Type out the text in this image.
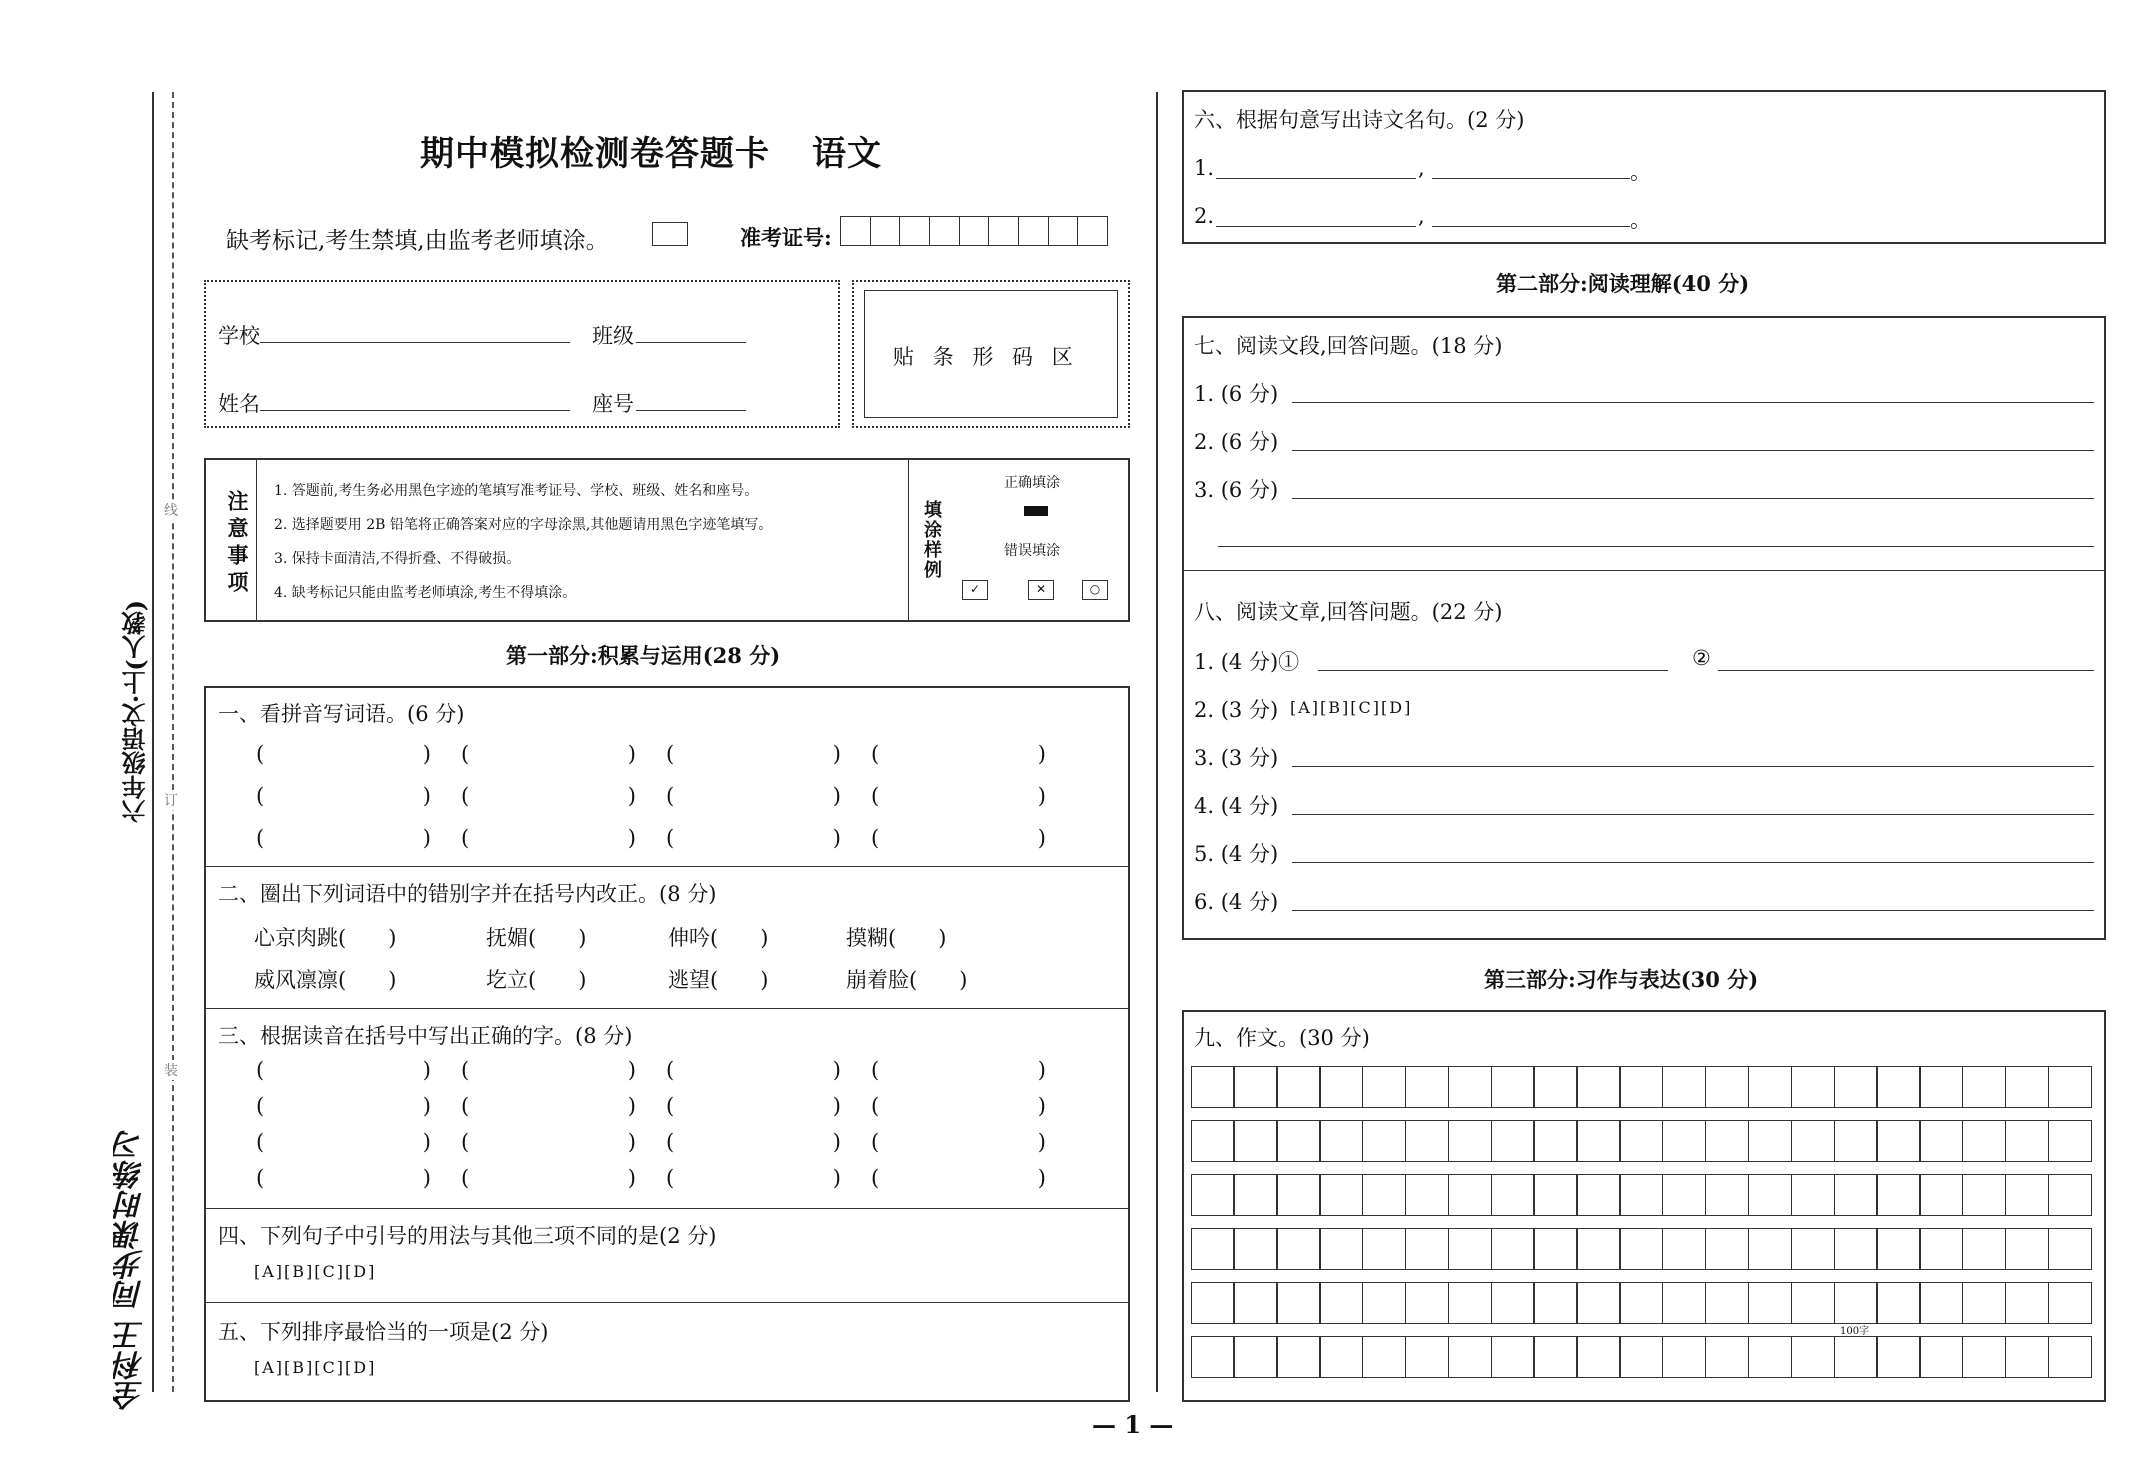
六年级语文·上(人教)
线
订
装
全科王 同步课时练习
期中模拟检测卷答题卡 语文
缺考标记,考生禁填,由监考老师填涂。	准考证号:
学校	班级
姓名	座号
贴 条 形 码 区
注意事项 1. 答题前,考生务必用黑色字迹的笔填写准考证号、学校、班级、姓名和座号。
2. 选择题要用 2B 铅笔将正确答案对应的字母涂黑,其他题请用黑色字迹笔填写。
3. 保持卡面清洁,不得折叠、不得破损。
4. 缺考标记只能由监考老师填涂,考生不得填涂。
填涂样例
正确填涂
错误填涂
✓	✕	○
第一部分:积累与运用(28 分)
一、看拼音写词语。(6 分)
(	) (	) (	) (	)
(	) (	) (	) (	)
(	) (	) (	) (	)
二、圈出下列词语中的错别字并在括号内改正。(8 分)
心京肉跳( )	抚媚( )	伸吟( )	摸糊( )
威风凛凛( )	圪立( )	逃望( )	崩着脸( )
三、根据读音在括号中写出正确的字。(8 分)
(	) (	) (	) (	)
(	) (	) (	) (	)
(	) (	) (	) (	)
(	) (	) (	) (	)
四、下列句子中引号的用法与其他三项不同的是(2 分)
[A][B][C][D]
五、下列排序最恰当的一项是(2 分)
[A][B][C][D]
六、根据句意写出诗文名句。(2 分)
1.	,	。
2.	,	。
第二部分:阅读理解(40 分)
七、阅读文段,回答问题。(18 分)
1. (6 分)
2. (6 分)
3. (6 分)
八、阅读文章,回答问题。(22 分)
1. (4 分)①	②
2. (3 分) [A][B][C][D]
3. (3 分)
4. (4 分)
5. (4 分)
6. (4 分)
第三部分:习作与表达(30 分)
九、作文。(30 分)
100字
— 1 —
